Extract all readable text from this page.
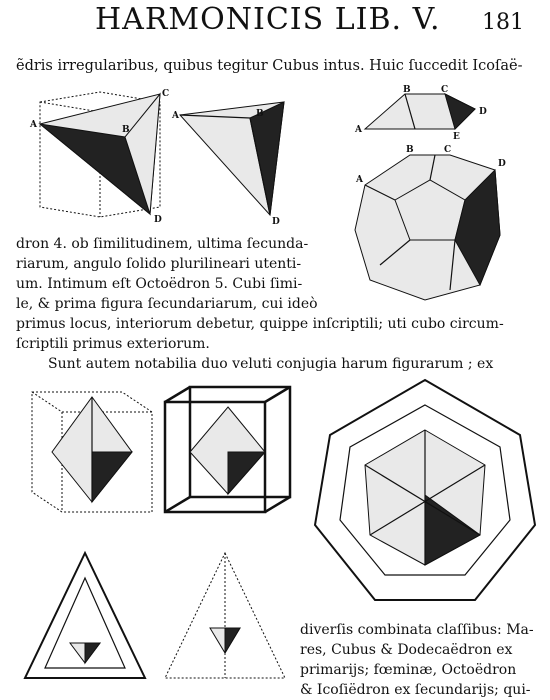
HARMONICIS LIB. V. 181
ẽdris irregularibus, quibus tegitur Cubus intus. Huic ſuccedit Icoſaë-
dron 4. ob ſimilitudinem, ultima ſecunda-
riarum, angulo ſolido plurilineari utenti-
um. Intimum eſt Octoëdron 5. Cubi ſimi-
le, & prima figura ſecundariarum, cui ideò
primus locus, interiorum debetur, quippe inſcriptili; uti cubo circum-
ſcriptili primus exteriorum.
Sunt autem notabilia duo veluti conjugia harum figurarum ; ex
diverſis combinata claſſibus: Ma-
res, Cubus & Dodecaëdron ex
primarijs; fœminæ, Octoëdron
& Icoſiëdron ex ſecundarijs; qui-
A	B
C
D
A	B
D
A
B	C
D
E
A
B	C
D
